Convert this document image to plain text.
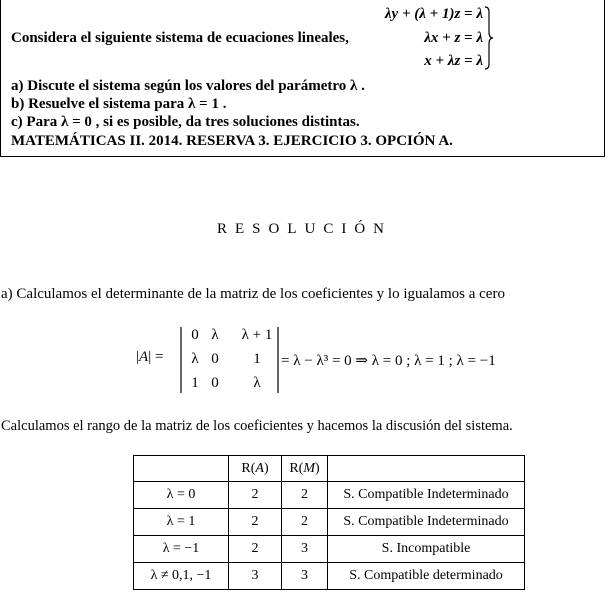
Considera el siguiente sistema de ecuaciones lineales,
λy + (λ + 1)z = λ
λx + z = λ
x + λz = λ
a) Discute el sistema según los valores del parámetro λ .
b) Resuelve el sistema para λ = 1 .
c) Para λ = 0 , si es posible, da tres soluciones distintas.
MATEMÁTICAS II. 2014. RESERVA 3. EJERCICIO 3. OPCIÓN A.
RESOLUCIÓN
a) Calculamos el determinante de la matriz de los coeficientes y lo igualamos a cero
|A| =
0 λ	λ + 1
λ 0	1
1 0	λ
= λ − λ³ = 0 ⇒ λ = 0 ; λ = 1 ; λ = −1
Calculamos el rango de la matriz de los coeficientes y hacemos la discusión del sistema.
	R(A)	R(M)	
λ = 0	2	2	S. Compatible Indeterminado
λ = 1	2	2	S. Compatible Indeterminado
λ = −1	2	3	S. Incompatible
λ ≠ 0,1, −1	3	3	S. Compatible determinado
